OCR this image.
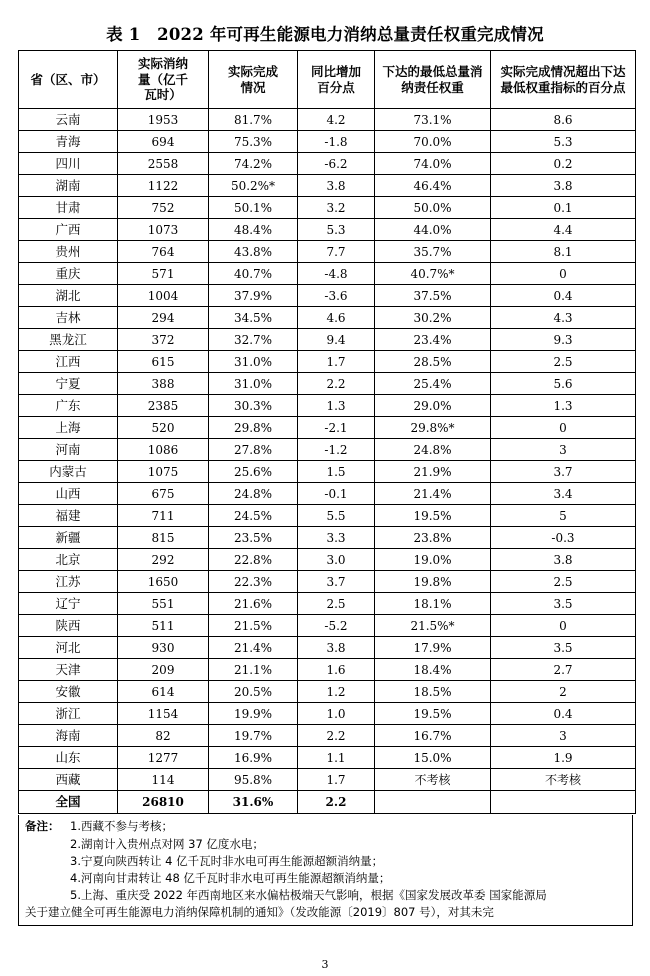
表 1　2022 年可再生能源电力消纳总量责任权重完成情况
省（区、市）	实际消纳量（亿千瓦时）	实际完成情况	同比增加百分点	下达的最低总量消纳责任权重	实际完成情况超出下达最低权重指标的百分点
云南	1953	81.7%	4.2	73.1%	8.6
青海	694	75.3%	-1.8	70.0%	5.3
四川	2558	74.2%	-6.2	74.0%	0.2
湖南	1122	50.2%*	3.8	46.4%	3.8
甘肃	752	50.1%	3.2	50.0%	0.1
广西	1073	48.4%	5.3	44.0%	4.4
贵州	764	43.8%	7.7	35.7%	8.1
重庆	571	40.7%	-4.8	40.7%*	0
湖北	1004	37.9%	-3.6	37.5%	0.4
吉林	294	34.5%	4.6	30.2%	4.3
黑龙江	372	32.7%	9.4	23.4%	9.3
江西	615	31.0%	1.7	28.5%	2.5
宁夏	388	31.0%	2.2	25.4%	5.6
广东	2385	30.3%	1.3	29.0%	1.3
上海	520	29.8%	-2.1	29.8%*	0
河南	1086	27.8%	-1.2	24.8%	3
内蒙古	1075	25.6%	1.5	21.9%	3.7
山西	675	24.8%	-0.1	21.4%	3.4
福建	711	24.5%	5.5	19.5%	5
新疆	815	23.5%	3.3	23.8%	-0.3
北京	292	22.8%	3.0	19.0%	3.8
江苏	1650	22.3%	3.7	19.8%	2.5
辽宁	551	21.6%	2.5	18.1%	3.5
陕西	511	21.5%	-5.2	21.5%*	0
河北	930	21.4%	3.8	17.9%	3.5
天津	209	21.1%	1.6	18.4%	2.7
安徽	614	20.5%	1.2	18.5%	2
浙江	1154	19.9%	1.0	19.5%	0.4
海南	82	19.7%	2.2	16.7%	3
山东	1277	16.9%	1.1	15.0%	1.9
西藏	114	95.8%	1.7	不考核	不考核
全国	26810	31.6%	2.2		
备注： 1.西藏不参与考核；
2.湖南计入贵州点对网 37 亿度水电；
3.宁夏向陕西转让 4 亿千瓦时非水电可再生能源超额消纳量；
4.河南向甘肃转让 48 亿千瓦时非水电可再生能源超额消纳量；
5.上海、重庆受 2022 年西南地区来水偏枯极端天气影响，根据《国家发展改革委 国家能源局
关于建立健全可再生能源电力消纳保障机制的通知》（发改能源〔2019〕807 号），对其未完
3
